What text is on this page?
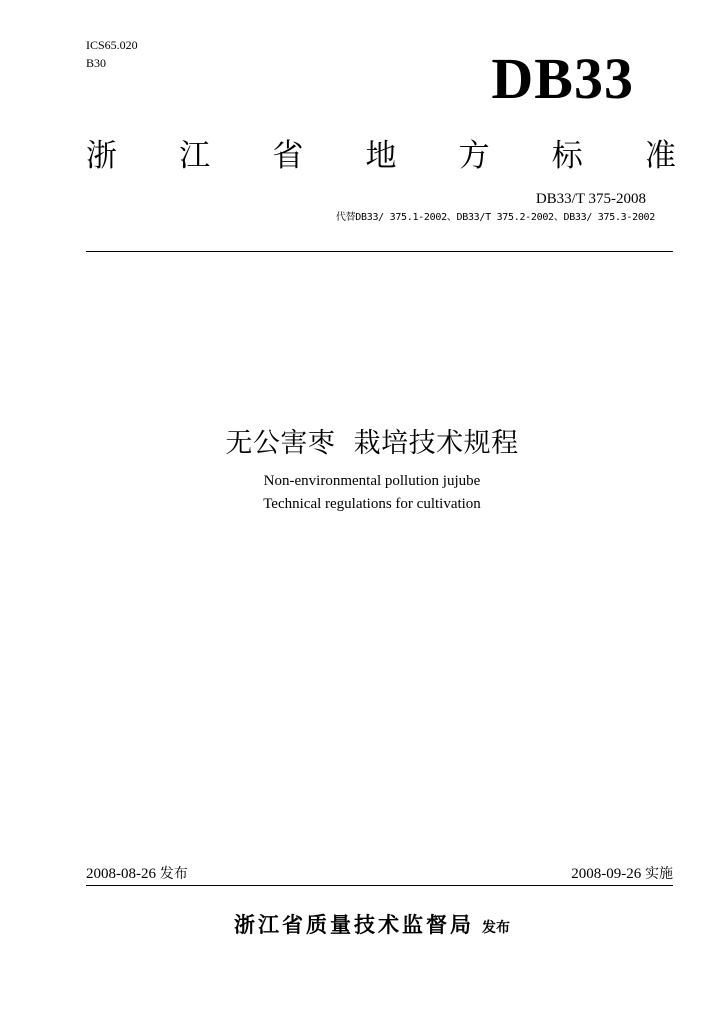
ICS65.020
B30	DB33
浙 江 省 地 方 标 准
DB33/T 375-2008
代替DB33/ 375.1-2002、DB33/T 375.2-2002、DB33/ 375.3-2002
无公害枣  栽培技术规程
Non-environmental pollution jujube
Technical regulations for cultivation
2008-08-26 发布	2008-09-26 实施
浙江省质量技术监督局 发布
